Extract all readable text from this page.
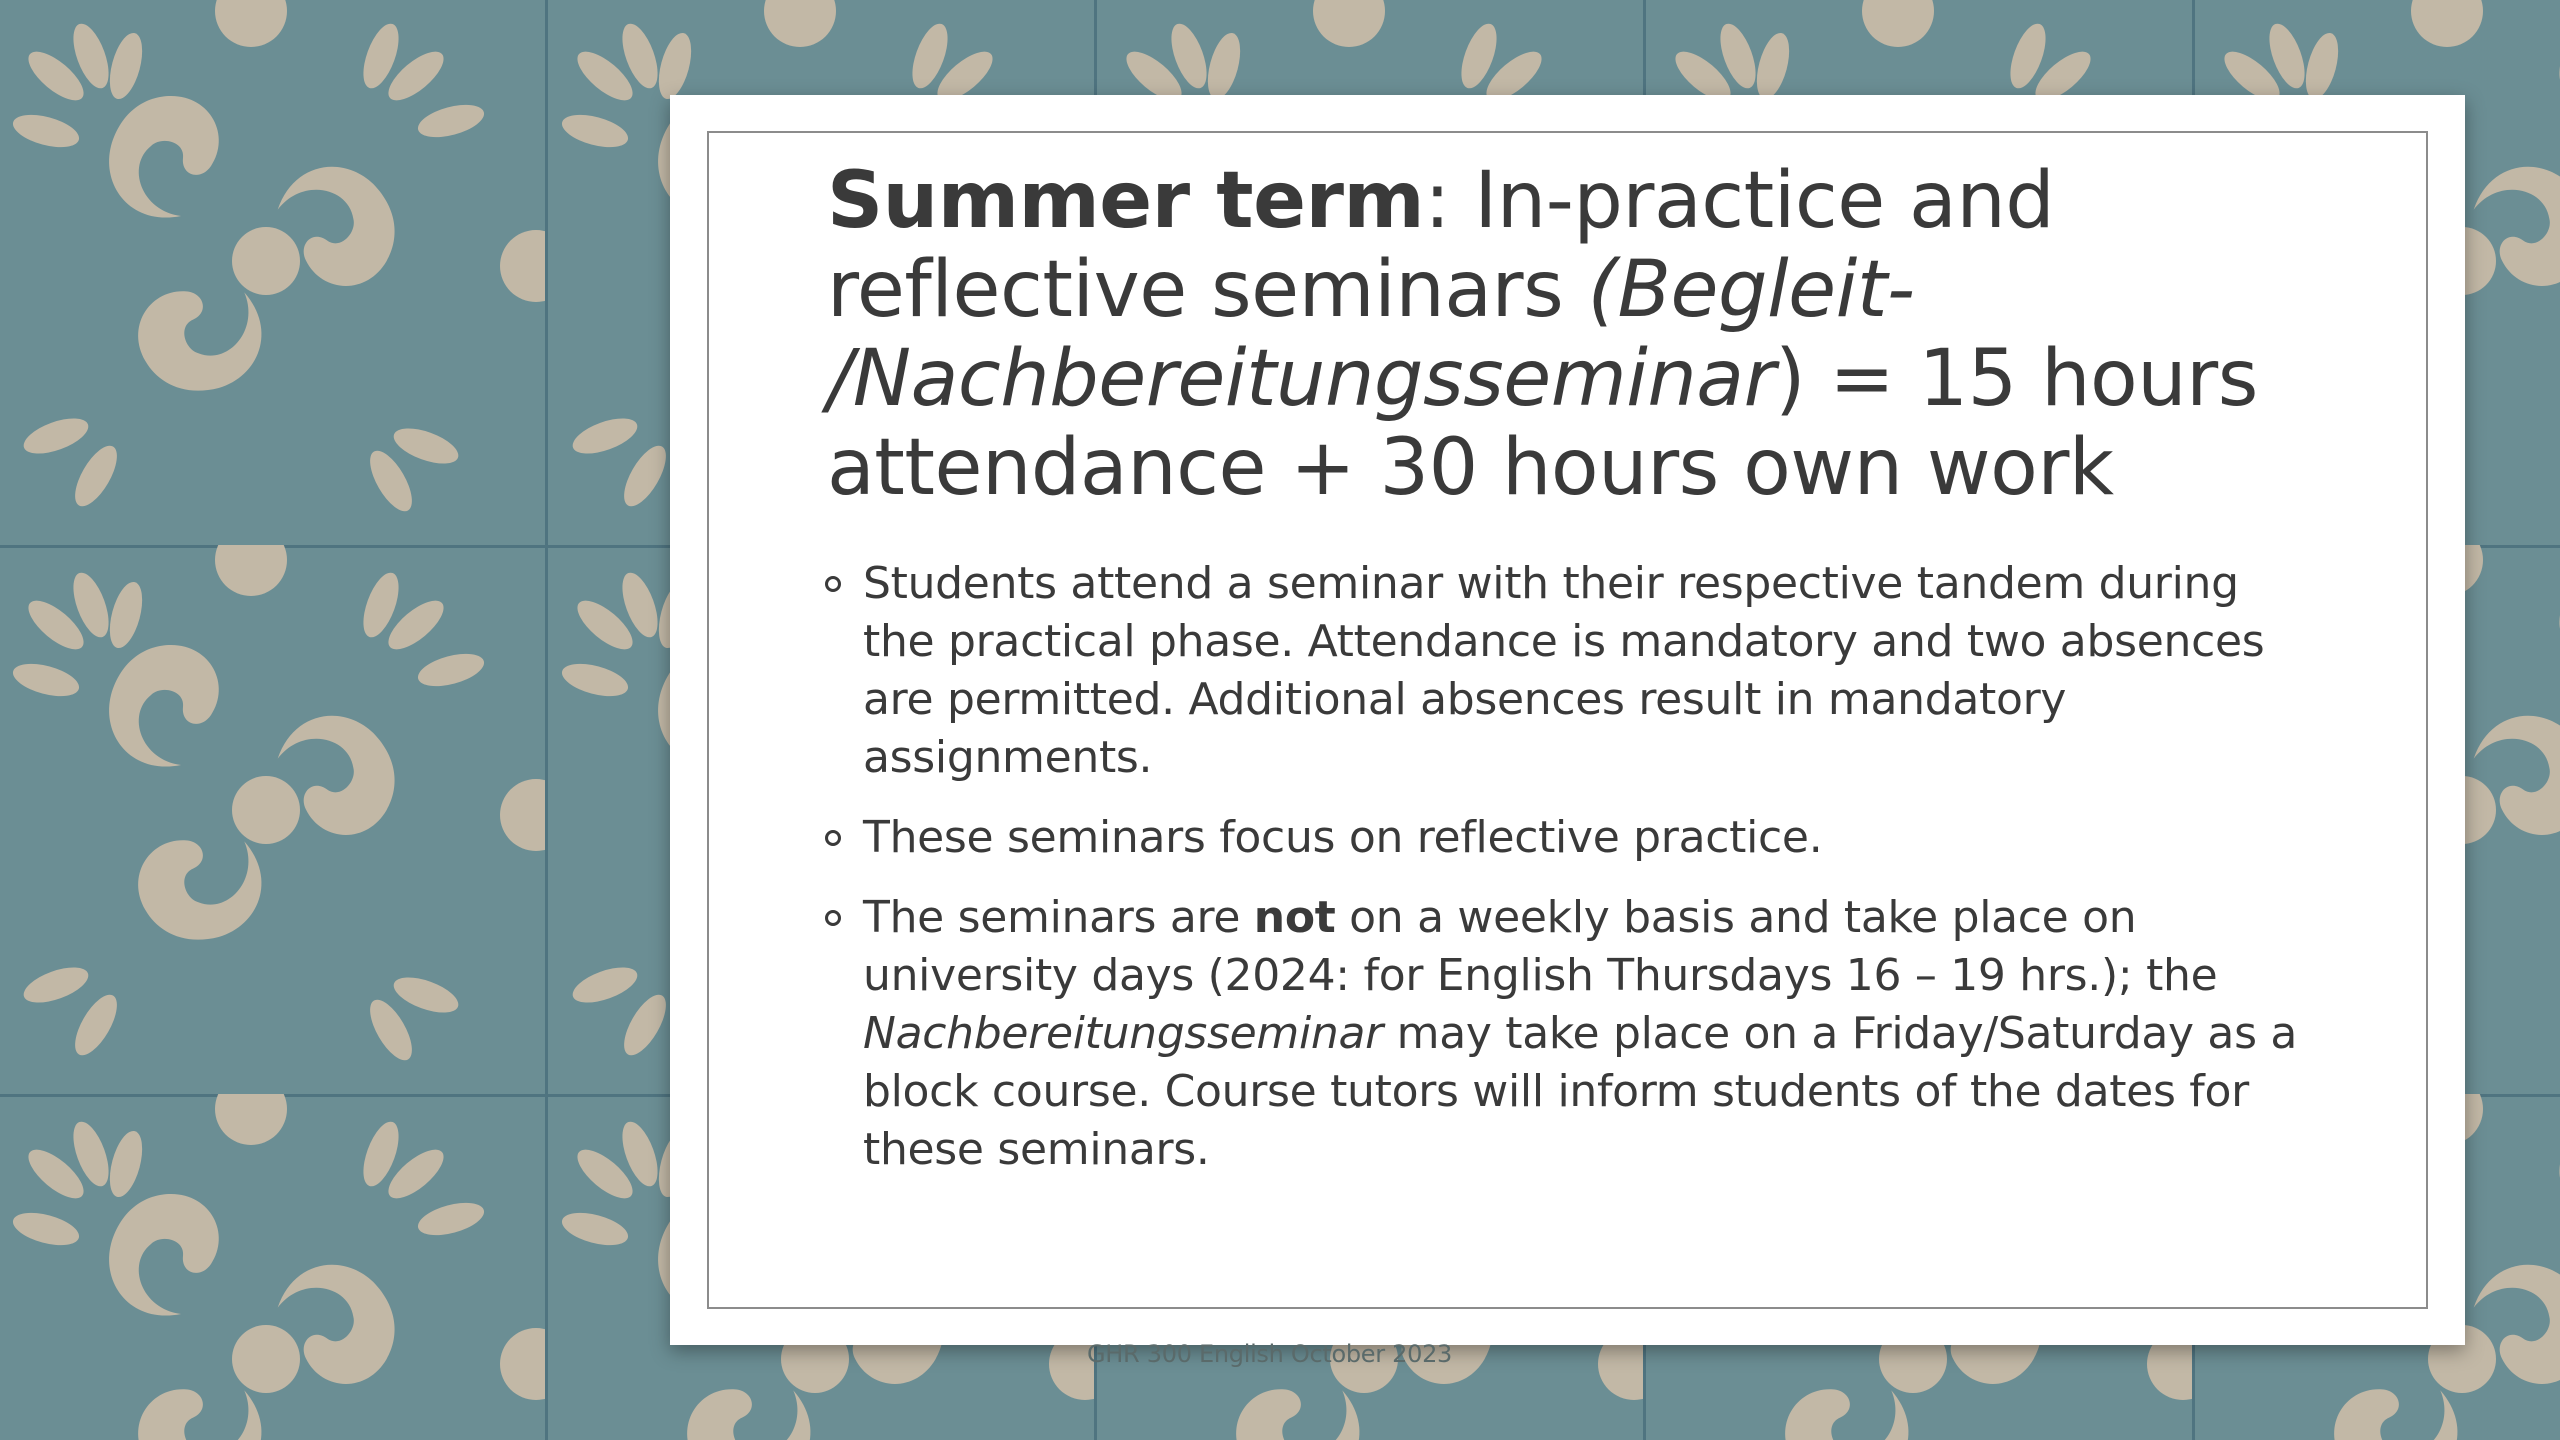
Summer term: In-practice and reflective seminars (Begleit- /Nachbereitungsseminar) = 15 hours attendance + 30 hours own work
Students attend a seminar with their respective tandem during the practical phase. Attendance is mandatory and two absences are permitted. Additional absences result in mandatory assignments.
These seminars focus on reflective practice.
The seminars are not on a weekly basis and take place on university days (2024: for English Thursdays 16 – 19 hrs.); the Nachbereitungsseminar may take place on a Friday/Saturday as a block course. Course tutors will inform students of the dates for these seminars.
GHR 300 English October 2023
